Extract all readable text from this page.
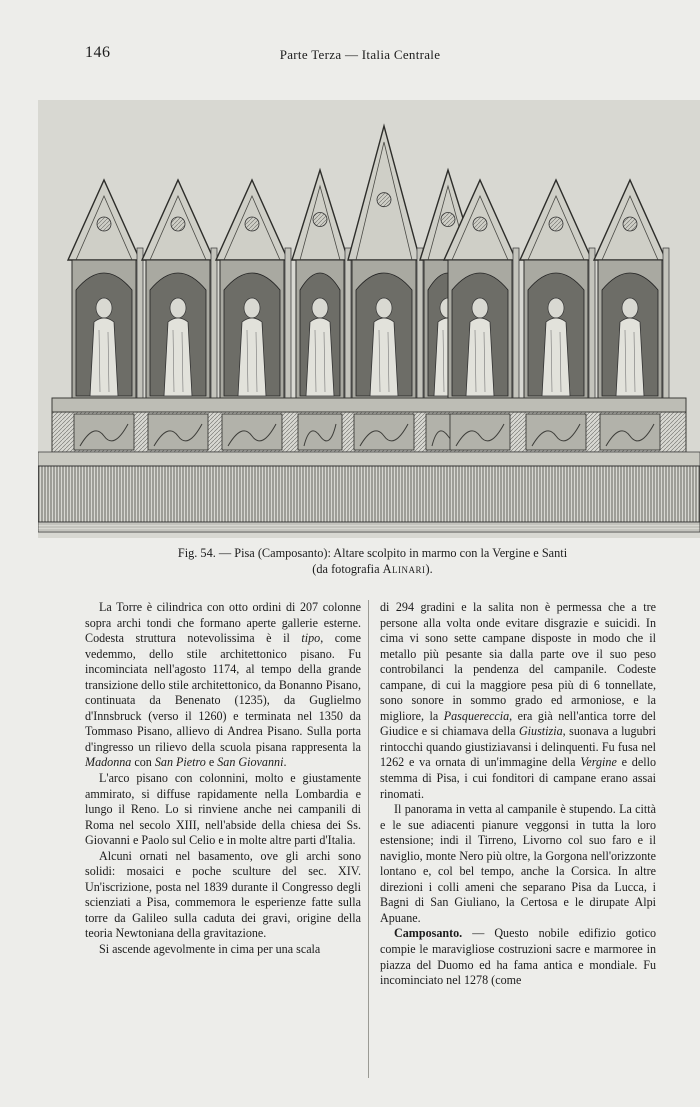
146	Parte Terza — Italia Centrale
Fig. 54. — Pisa (Camposanto): Altare scolpito in marmo con la Vergine e Santi
(da fotografia Alinari).

La Torre è cilindrica con otto ordini di 207 colonne sopra archi tondi che formano aperte gallerie esterne. Codesta struttura notevolissima è il tipo, come vedemmo, dello stile architettonico pisano. Fu incominciata nell'agosto 1174, al tempo della grande transizione dello stile architettonico, da Bonanno Pisano, continuata da Benenato (1235), da Guglielmo d'Innsbruck (verso il 1260) e terminata nel 1350 da Tommaso Pisano, allievo di Andrea Pisano. Sulla porta d'ingresso un rilievo della scuola pisana rappresenta la Madonna con San Pietro e San Giovanni.

L'arco pisano con colonnini, molto e giustamente ammirato, si diffuse rapidamente nella Lombardia e lungo il Reno. Lo si rinviene anche nei campanili di Roma nel secolo XIII, nell'abside della chiesa dei Ss. Giovanni e Paolo sul Celio e in molte altre parti d'Italia.

Alcuni ornati nel basamento, ove gli archi sono solidi: mosaici e poche sculture del sec. XIV. Un'iscrizione, posta nel 1839 durante il Congresso degli scienziati a Pisa, commemora le esperienze fatte sulla torre da Galileo sulla caduta dei gravi, origine della teoria Newtoniana della gravitazione.

Si ascende agevolmente in cima per una scala

di 294 gradini e la salita non è permessa che a tre persone alla volta onde evitare disgrazie e suicidi. In cima vi sono sette campane disposte in modo che il metallo più pesante sia dalla parte ove il suo peso controbilanci la pendenza del campanile. Codeste campane, di cui la maggiore pesa più di 6 tonnellate, sono sonore in sommo grado ed armoniose, e la migliore, la Pasquereccia, era già nell'antica torre del Giudice e si chiamava della Giustizia, suonava a lugubri rintocchi quando giustiziavansi i delinquenti. Fu fusa nel 1262 e va ornata di un'immagine della Vergine e dello stemma di Pisa, i cui fonditori di campane erano assai rinomati.

Il panorama in vetta al campanile è stupendo. La città e le sue adiacenti pianure veggonsi in tutta la loro estensione; indi il Tirreno, Livorno col suo faro e il naviglio, monte Nero più oltre, la Gorgona nell'orizzonte lontano e, col bel tempo, anche la Corsica. In altre direzioni i colli ameni che separano Pisa da Lucca, i Bagni di San Giuliano, la Certosa e le dirupate Alpi Apuane.

Camposanto. — Questo nobile edifizio gotico compie le maravigliose costruzioni sacre e marmoree in piazza del Duomo ed ha fama antica e mondiale. Fu incominciato nel 1278 (come
